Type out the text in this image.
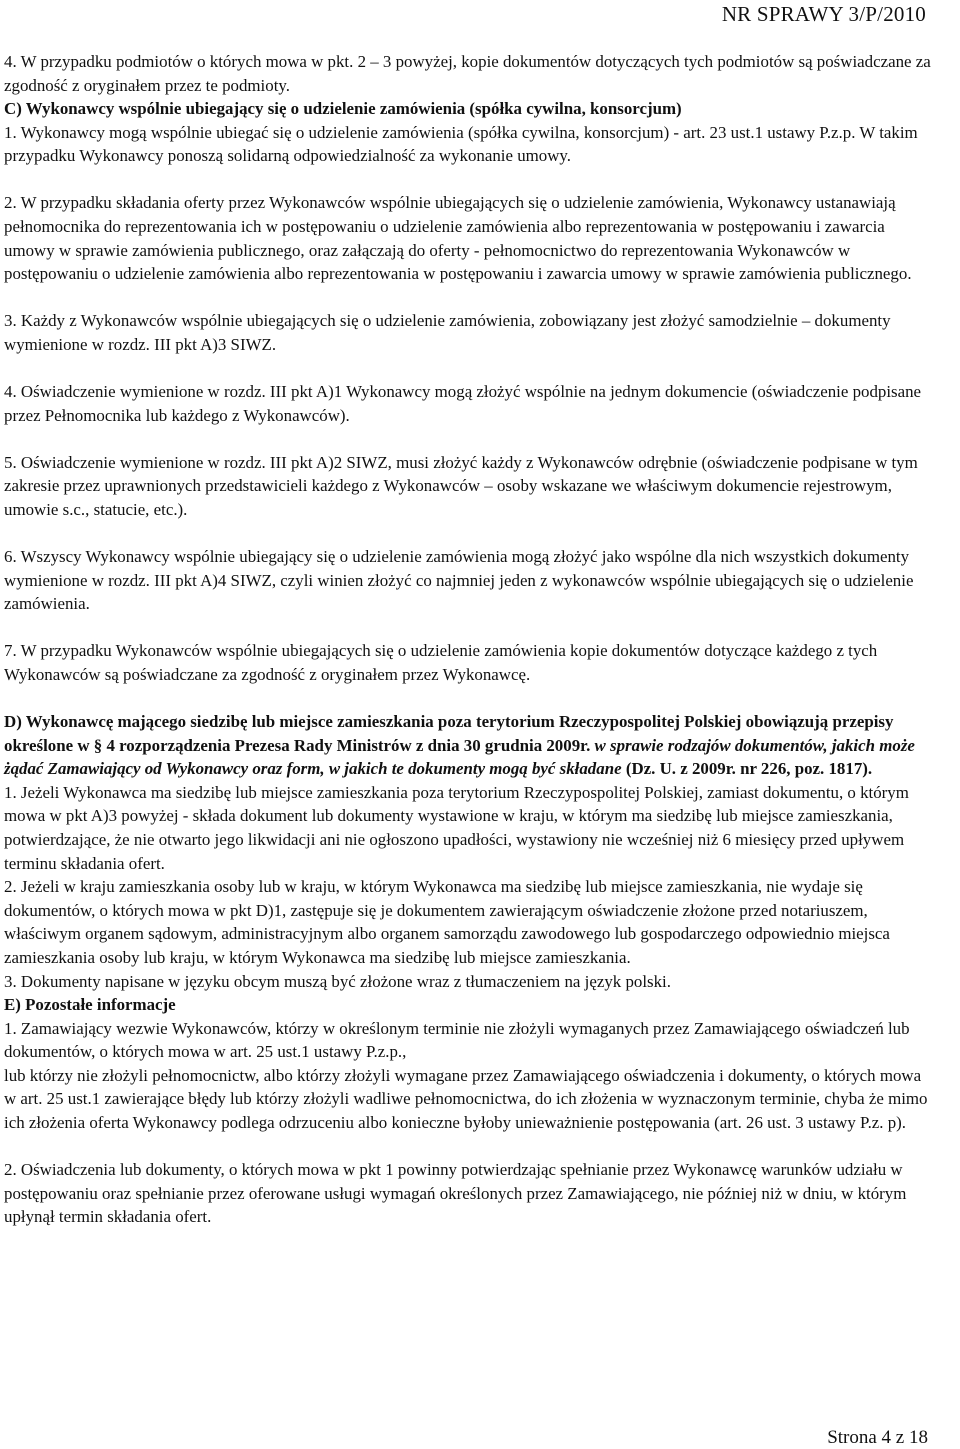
NR SPRAWY 3/P/2010

4. W przypadku podmiotów o których mowa w pkt. 2 – 3 powyżej, kopie dokumentów dotyczących tych podmiotów są poświadczane za zgodność z oryginałem przez te podmioty.

C) Wykonawcy wspólnie ubiegający się o udzielenie zamówienia (spółka cywilna, konsorcjum)

1. Wykonawcy mogą wspólnie ubiegać się o udzielenie zamówienia (spółka cywilna, konsorcjum) - art. 23 ust.1 ustawy P.z.p. W takim przypadku Wykonawcy ponoszą solidarną odpowiedzialność za wykonanie umowy.

2. W przypadku składania oferty przez Wykonawców wspólnie ubiegających się o udzielenie zamówienia, Wykonawcy ustanawiają pełnomocnika do reprezentowania ich w postępowaniu o udzielenie zamówienia albo reprezentowania w postępowaniu i zawarcia umowy w sprawie zamówienia publicznego, oraz załączają do oferty - pełnomocnictwo do reprezentowania Wykonawców w postępowaniu o udzielenie zamówienia albo reprezentowania w postępowaniu i zawarcia umowy w sprawie zamówienia publicznego.

3. Każdy z Wykonawców wspólnie ubiegających się o udzielenie zamówienia, zobowiązany jest złożyć samodzielnie – dokumenty wymienione w rozdz. III pkt A)3 SIWZ.

4. Oświadczenie wymienione w rozdz. III pkt A)1 Wykonawcy mogą złożyć wspólnie na jednym dokumencie (oświadczenie podpisane przez Pełnomocnika lub każdego z Wykonawców).

5. Oświadczenie wymienione w rozdz. III pkt A)2 SIWZ, musi złożyć każdy z Wykonawców odrębnie (oświadczenie podpisane w tym zakresie przez uprawnionych przedstawicieli każdego z Wykonawców – osoby wskazane we właściwym dokumencie rejestrowym, umowie s.c., statucie, etc.).

6. Wszyscy Wykonawcy wspólnie ubiegający się o udzielenie zamówienia mogą złożyć jako wspólne dla nich wszystkich dokumenty wymienione w rozdz. III pkt A)4 SIWZ, czyli winien złożyć co najmniej jeden z wykonawców wspólnie ubiegających się o udzielenie zamówienia.

7. W przypadku Wykonawców wspólnie ubiegających się o udzielenie zamówienia kopie dokumentów dotyczące każdego z tych Wykonawców są poświadczane za zgodność z oryginałem przez Wykonawcę.

D) Wykonawcę mającego siedzibę lub miejsce zamieszkania poza terytorium Rzeczypospolitej Polskiej obowiązują przepisy określone w § 4 rozporządzenia Prezesa Rady Ministrów z dnia 30 grudnia 2009r. w sprawie rodzajów dokumentów, jakich może żądać Zamawiający od Wykonawcy oraz form, w jakich te dokumenty mogą być składane (Dz. U. z 2009r. nr 226, poz. 1817).

1. Jeżeli Wykonawca ma siedzibę lub miejsce zamieszkania poza terytorium Rzeczypospolitej Polskiej, zamiast dokumentu, o którym mowa w pkt A)3 powyżej - składa dokument lub dokumenty wystawione w kraju, w którym ma siedzibę lub miejsce zamieszkania, potwierdzające, że nie otwarto jego likwidacji ani nie ogłoszono upadłości, wystawiony nie wcześniej niż 6 miesięcy przed upływem terminu składania ofert.

2. Jeżeli w kraju zamieszkania osoby lub w kraju, w którym Wykonawca ma siedzibę lub miejsce zamieszkania, nie wydaje się dokumentów, o których mowa w pkt D)1, zastępuje się je dokumentem zawierającym oświadczenie złożone przed notariuszem, właściwym organem sądowym, administracyjnym albo organem samorządu zawodowego lub gospodarczego odpowiednio miejsca zamieszkania osoby lub kraju, w którym Wykonawca ma siedzibę lub miejsce zamieszkania.

3. Dokumenty napisane w języku obcym muszą być złożone wraz z tłumaczeniem na język polski.

E) Pozostałe informacje

1. Zamawiający wezwie Wykonawców, którzy w określonym terminie nie złożyli wymaganych przez Zamawiającego oświadczeń lub dokumentów, o których mowa w art. 25 ust.1 ustawy P.z.p.,

lub którzy nie złożyli pełnomocnictw, albo którzy złożyli wymagane przez Zamawiającego oświadczenia i dokumenty, o których mowa w art. 25 ust.1 zawierające błędy lub którzy złożyli wadliwe pełnomocnictwa, do ich złożenia w wyznaczonym terminie, chyba że mimo ich złożenia oferta Wykonawcy podlega odrzuceniu albo konieczne byłoby unieważnienie postępowania (art. 26 ust. 3 ustawy P.z. p).

2. Oświadczenia lub dokumenty, o których mowa w pkt 1 powinny potwierdzając spełnianie przez Wykonawcę warunków udziału w postępowaniu oraz spełnianie przez oferowane usługi wymagań określonych przez Zamawiającego, nie później niż w dniu, w którym upłynął termin składania ofert.

Strona 4 z 18
